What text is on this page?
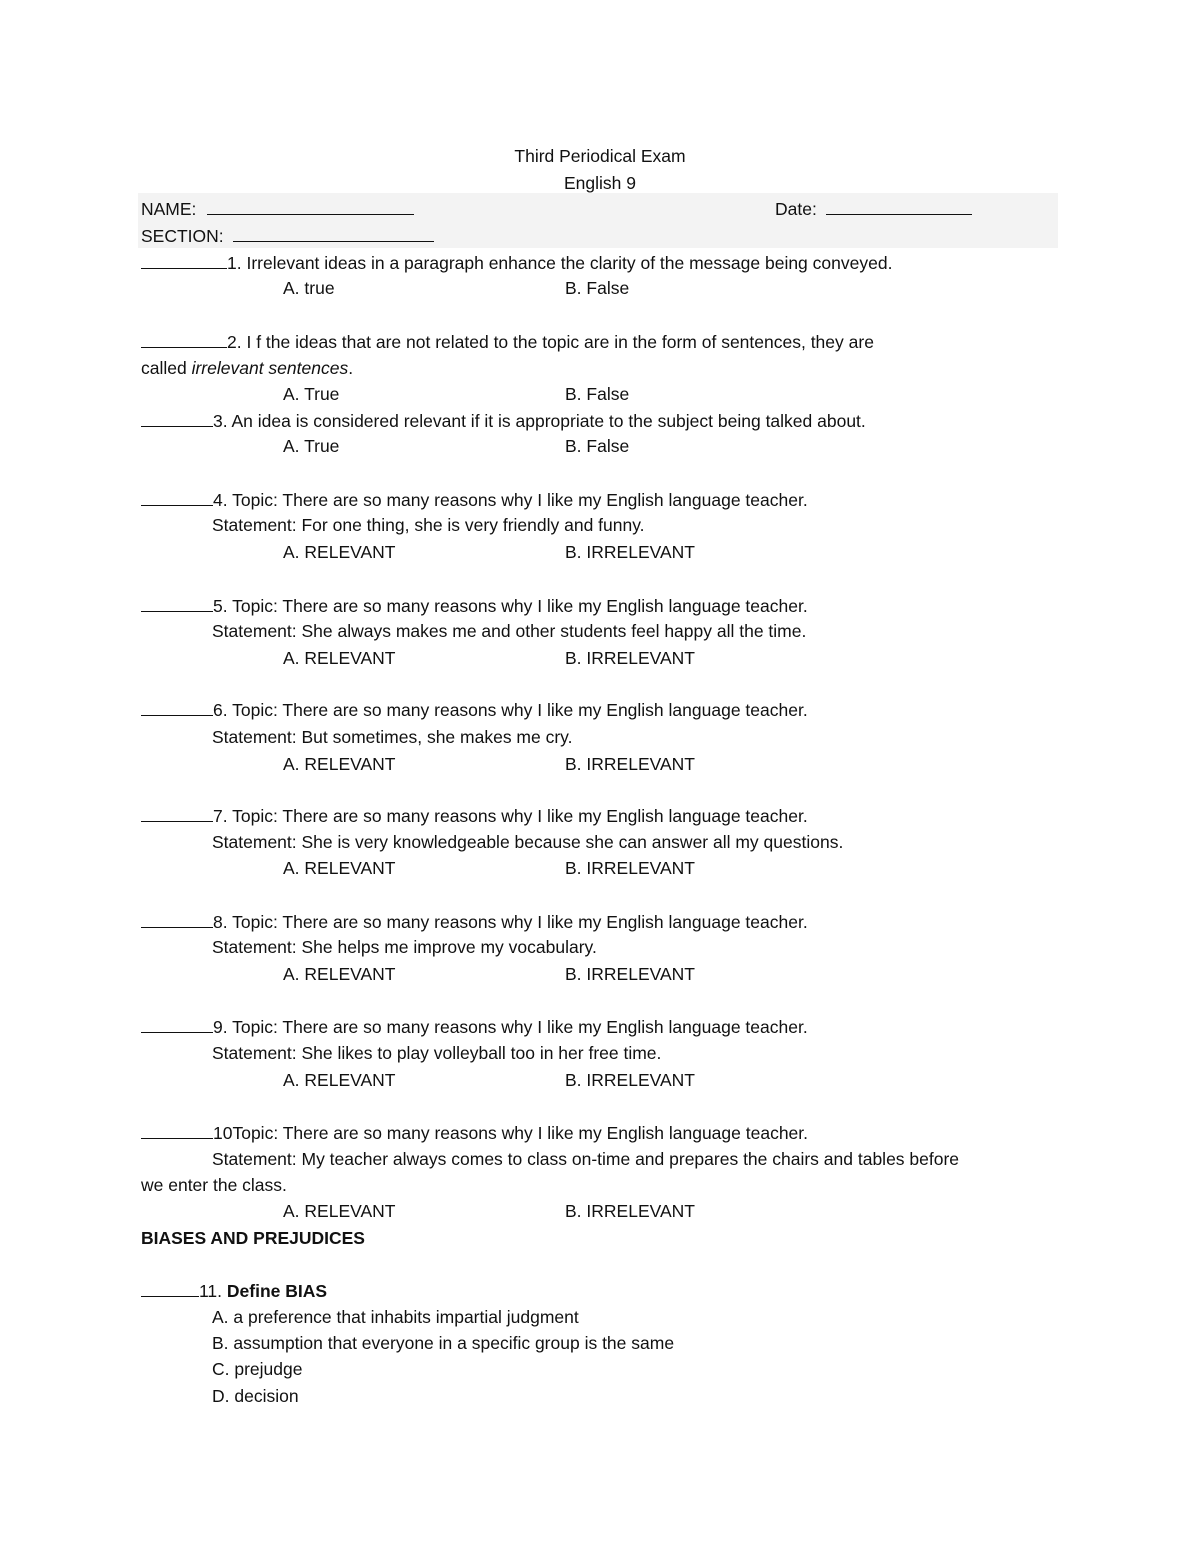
Third Periodical Exam
English 9
NAME:	Date:
SECTION:
1. Irrelevant ideas in a paragraph enhance the clarity of the message being conveyed.
A. true	B. False
2. I f the ideas that are not related to the topic are in the form of sentences, they are
called irrelevant sentences.
A. True	B. False
3. An idea is considered relevant if it is appropriate to the subject being talked about.
A. True	B. False
4. Topic: There are so many reasons why I like my English language teacher.
Statement: For one thing, she is very friendly and funny.
A. RELEVANT	B. IRRELEVANT
5. Topic: There are so many reasons why I like my English language teacher.
Statement: She always makes me and other students feel happy all the time.
A. RELEVANT	B. IRRELEVANT
6. Topic: There are so many reasons why I like my English language teacher.
Statement: But sometimes, she makes me cry.
A. RELEVANT	B. IRRELEVANT
7. Topic: There are so many reasons why I like my English language teacher.
Statement: She is very knowledgeable because she can answer all my questions.
A. RELEVANT	B. IRRELEVANT
8. Topic: There are so many reasons why I like my English language teacher.
Statement: She helps me improve my vocabulary.
A. RELEVANT	B. IRRELEVANT
9. Topic: There are so many reasons why I like my English language teacher.
Statement: She likes to play volleyball too in her free time.
A. RELEVANT	B. IRRELEVANT
10Topic: There are so many reasons why I like my English language teacher.
Statement: My teacher always comes to class on-time and prepares the chairs and tables before
we enter the class.
A. RELEVANT	B. IRRELEVANT
BIASES AND PREJUDICES
11. Define BIAS
A. a preference that inhabits impartial judgment
B. assumption that everyone in a specific group is the same
C. prejudge
D. decision
